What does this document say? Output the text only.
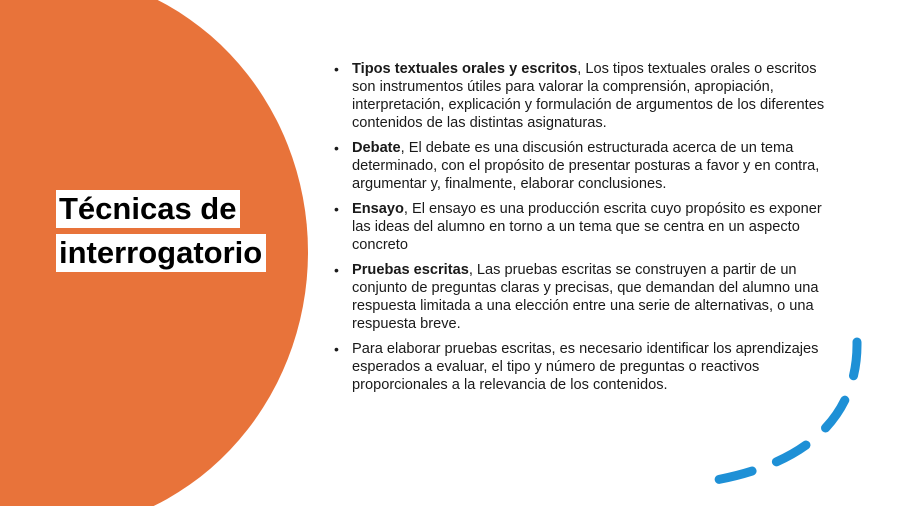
Técnicas de
interrogatorio
• Tipos textuales orales y escritos, Los tipos textuales orales o escritos son instrumentos útiles para valorar la comprensión, apropiación, interpretación, explicación y formulación de argumentos de los diferentes contenidos de las distintas asignaturas.
• Debate, El debate es una discusión estructurada acerca de un tema determinado, con el propósito de presentar posturas a favor y en contra, argumentar y, finalmente, elaborar conclusiones.
• Ensayo, El ensayo es una producción escrita cuyo propósito es exponer las ideas del alumno en torno a un tema que se centra en un aspecto concreto
• Pruebas escritas, Las pruebas escritas se construyen a partir de un conjunto de preguntas claras y precisas, que demandan del alumno una respuesta limitada a una elección entre una serie de alternativas, o una respuesta breve.
• Para elaborar pruebas escritas, es necesario identificar los aprendizajes esperados a evaluar, el tipo y número de preguntas o reactivos proporcionales a la relevancia de los contenidos.
